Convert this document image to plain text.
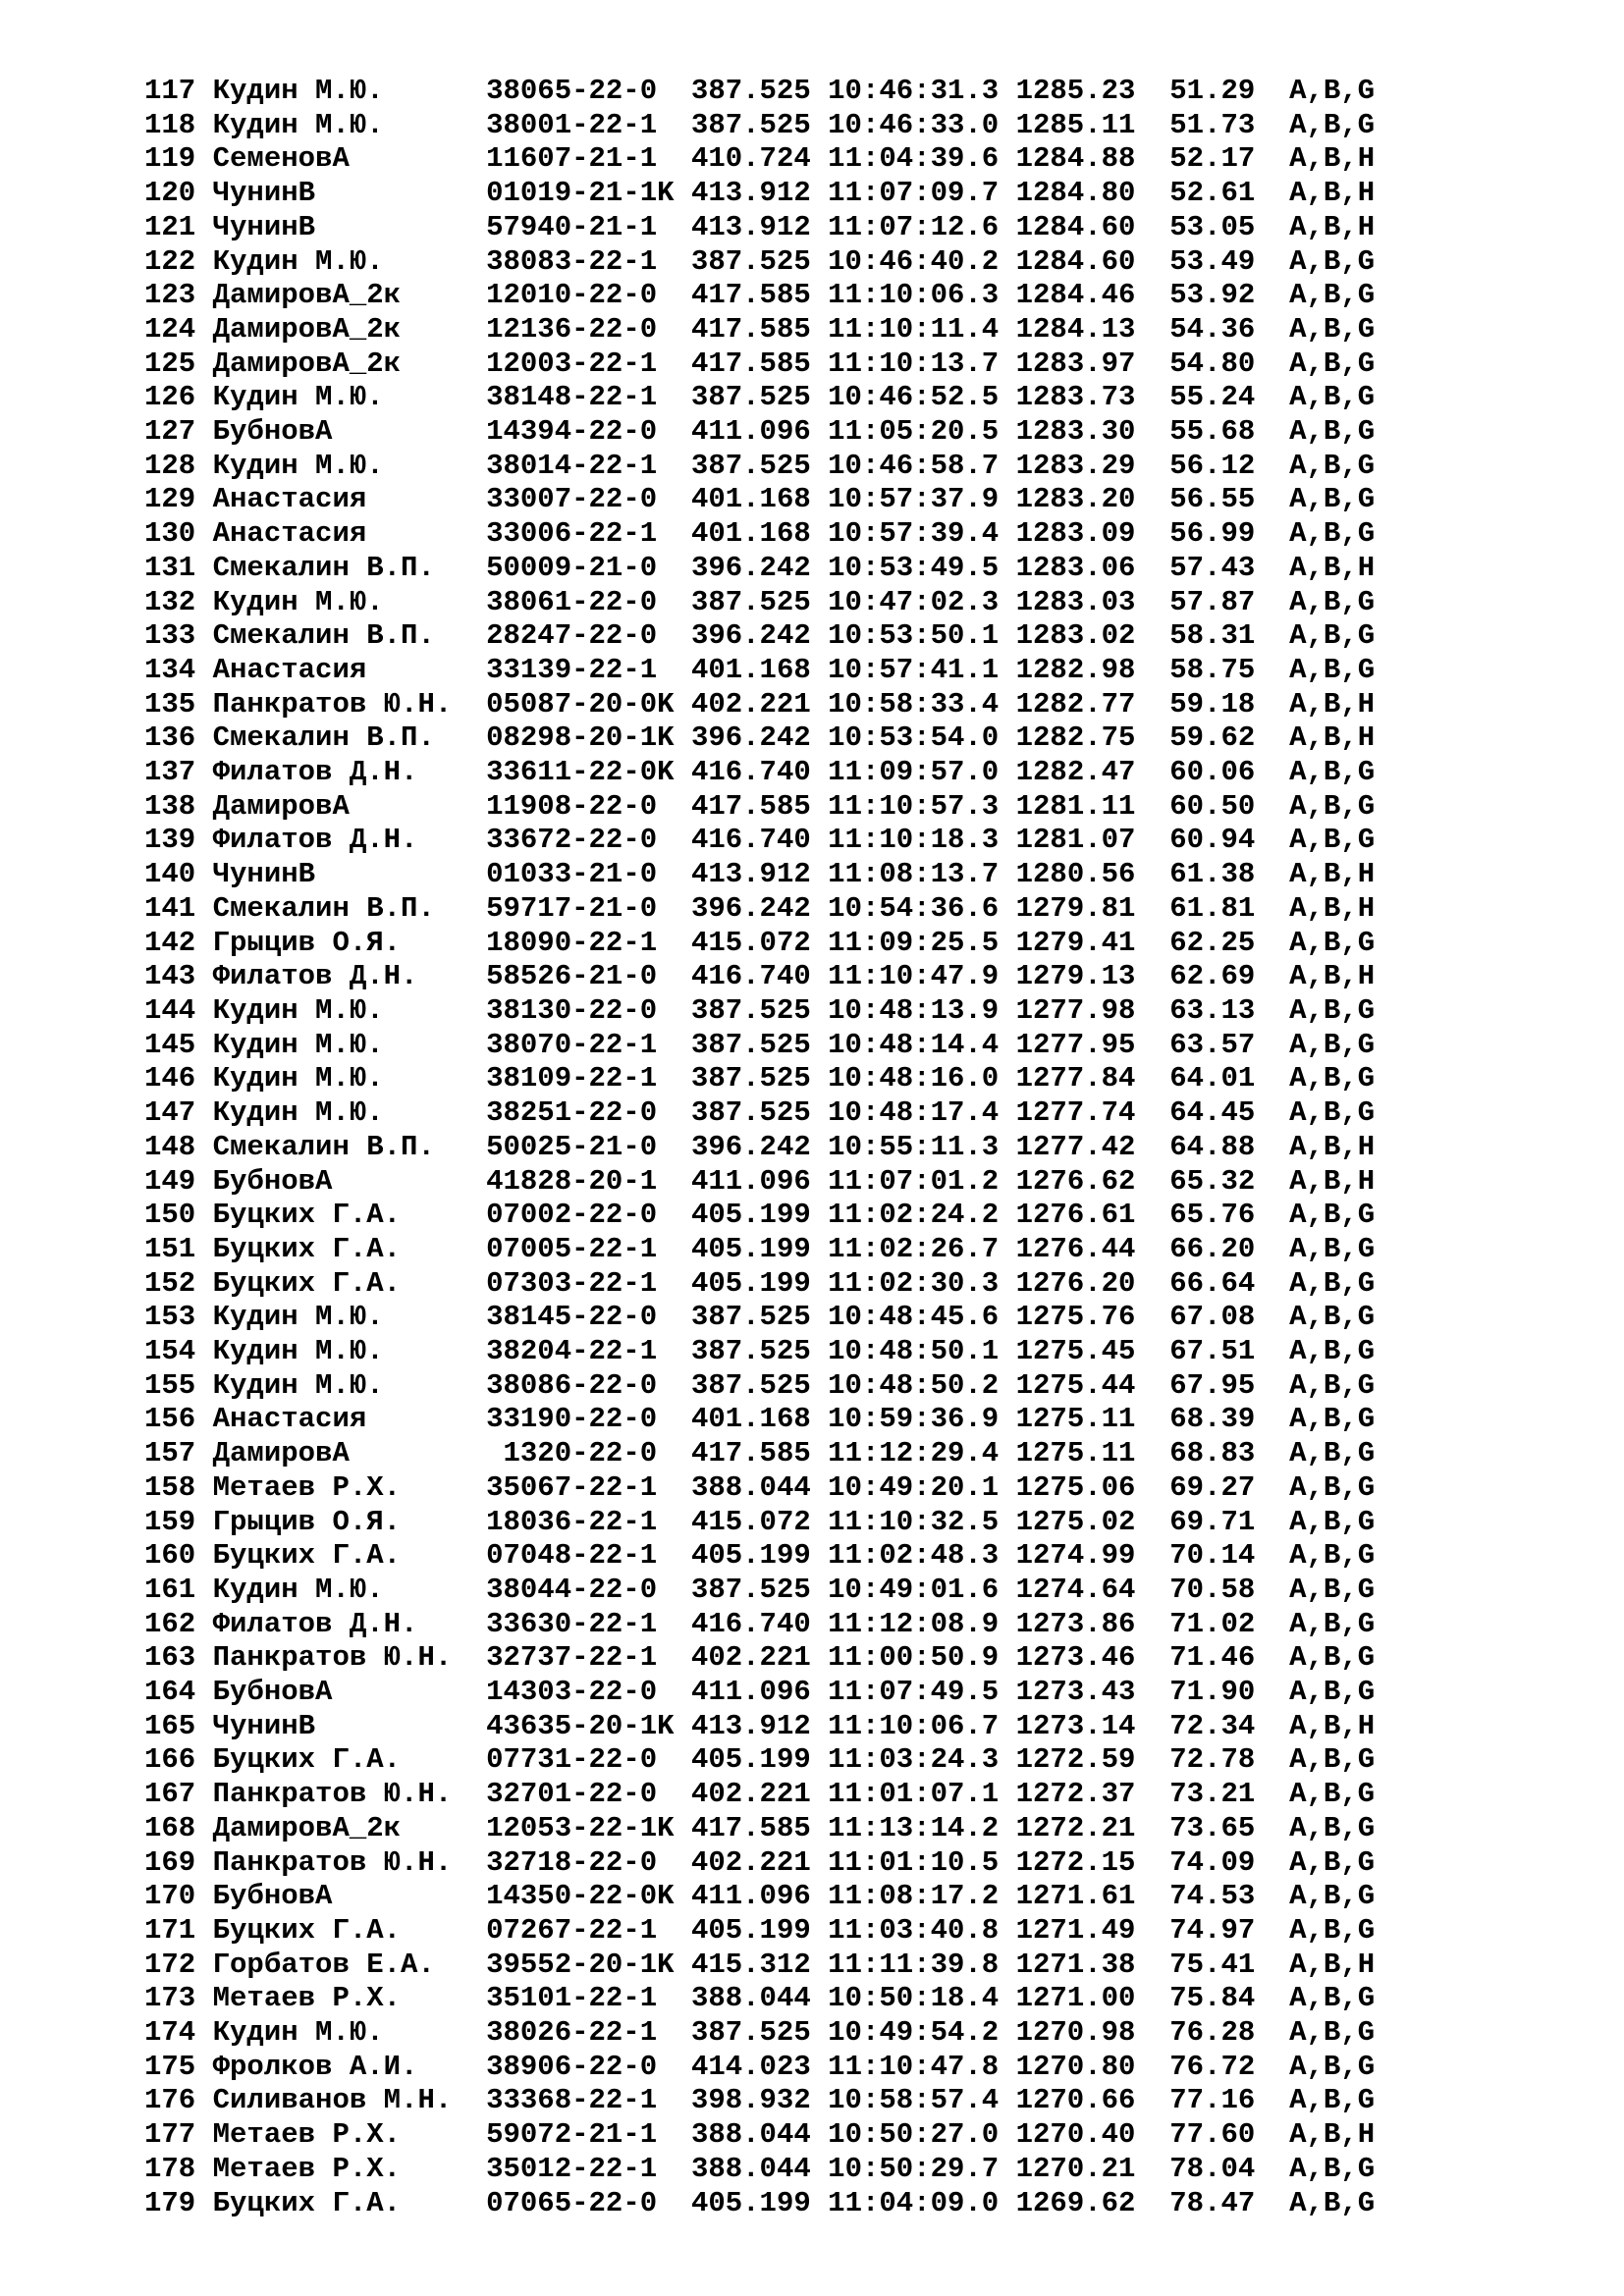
117 Кудин М.Ю.	38065-22-0 387.525 10:46:31.3 1285.23 51.29 A,B,G
118 Кудин М.Ю.	38001-22-1 387.525 10:46:33.0 1285.11 51.73 A,B,G
119 СеменовА	11607-21-1 410.724 11:04:39.6 1284.88 52.17 A,B,H
120 ЧунинВ	01019-21-1K 413.912 11:07:09.7 1284.80 52.61 A,B,H
121 ЧунинВ	57940-21-1 413.912 11:07:12.6 1284.60 53.05 A,B,H
122 Кудин М.Ю.	38083-22-1 387.525 10:46:40.2 1284.60 53.49 A,B,G
123 ДамировА_2к	12010-22-0 417.585 11:10:06.3 1284.46 53.92 A,B,G
124 ДамировА_2к	12136-22-0 417.585 11:10:11.4 1284.13 54.36 A,B,G
125 ДамировА_2к	12003-22-1 417.585 11:10:13.7 1283.97 54.80 A,B,G
126 Кудин М.Ю.	38148-22-1 387.525 10:46:52.5 1283.73 55.24 A,B,G
127 БубновА	14394-22-0 411.096 11:05:20.5 1283.30 55.68 A,B,G
128 Кудин М.Ю.	38014-22-1 387.525 10:46:58.7 1283.29 56.12 A,B,G
129 Анастасия	33007-22-0 401.168 10:57:37.9 1283.20 56.55 A,B,G
130 Анастасия	33006-22-1 401.168 10:57:39.4 1283.09 56.99 A,B,G
131 Смекалин В.П. 50009-21-0 396.242 10:53:49.5 1283.06 57.43 A,B,H
132 Кудин М.Ю.	38061-22-0 387.525 10:47:02.3 1283.03 57.87 A,B,G
133 Смекалин В.П. 28247-22-0 396.242 10:53:50.1 1283.02 58.31 A,B,G
134 Анастасия	33139-22-1 401.168 10:57:41.1 1282.98 58.75 A,B,G
135 Панкратов Ю.Н. 05087-20-0K 402.221 10:58:33.4 1282.77 59.18 A,B,H
136 Смекалин В.П. 08298-20-1K 396.242 10:53:54.0 1282.75 59.62 A,B,H
137 Филатов Д.Н. 33611-22-0K 416.740 11:09:57.0 1282.47 60.06 A,B,G
138 ДамировА	11908-22-0 417.585 11:10:57.3 1281.11 60.50 A,B,G
139 Филатов Д.Н. 33672-22-0 416.740 11:10:18.3 1281.07 60.94 A,B,G
140 ЧунинВ	01033-21-0 413.912 11:08:13.7 1280.56 61.38 A,B,H
141 Смекалин В.П. 59717-21-0 396.242 10:54:36.6 1279.81 61.81 A,B,H
142 Грыцив О.Я.	18090-22-1 415.072 11:09:25.5 1279.41 62.25 A,B,G
143 Филатов Д.Н. 58526-21-0 416.740 11:10:47.9 1279.13 62.69 A,B,H
144 Кудин М.Ю.	38130-22-0 387.525 10:48:13.9 1277.98 63.13 A,B,G
145 Кудин М.Ю.	38070-22-1 387.525 10:48:14.4 1277.95 63.57 A,B,G
146 Кудин М.Ю.	38109-22-1 387.525 10:48:16.0 1277.84 64.01 A,B,G
147 Кудин М.Ю.	38251-22-0 387.525 10:48:17.4 1277.74 64.45 A,B,G
148 Смекалин В.П. 50025-21-0 396.242 10:55:11.3 1277.42 64.88 A,B,H
149 БубновА	41828-20-1 411.096 11:07:01.2 1276.62 65.32 A,B,H
150 Буцких Г.А.	07002-22-0 405.199 11:02:24.2 1276.61 65.76 A,B,G
151 Буцких Г.А.	07005-22-1 405.199 11:02:26.7 1276.44 66.20 A,B,G
152 Буцких Г.А.	07303-22-1 405.199 11:02:30.3 1276.20 66.64 A,B,G
153 Кудин М.Ю.	38145-22-0 387.525 10:48:45.6 1275.76 67.08 A,B,G
154 Кудин М.Ю.	38204-22-1 387.525 10:48:50.1 1275.45 67.51 A,B,G
155 Кудин М.Ю.	38086-22-0 387.525 10:48:50.2 1275.44 67.95 A,B,G
156 Анастасия	33190-22-0 401.168 10:59:36.9 1275.11 68.39 A,B,G
157 ДамировА	1320-22-0 417.585 11:12:29.4 1275.11 68.83 A,B,G
158 Метаев Р.Х.	35067-22-1 388.044 10:49:20.1 1275.06 69.27 A,B,G
159 Грыцив О.Я.	18036-22-1 415.072 11:10:32.5 1275.02 69.71 A,B,G
160 Буцких Г.А.	07048-22-1 405.199 11:02:48.3 1274.99 70.14 A,B,G
161 Кудин М.Ю.	38044-22-0 387.525 10:49:01.6 1274.64 70.58 A,B,G
162 Филатов Д.Н. 33630-22-1 416.740 11:12:08.9 1273.86 71.02 A,B,G
163 Панкратов Ю.Н. 32737-22-1 402.221 11:00:50.9 1273.46 71.46 A,B,G
164 БубновА	14303-22-0 411.096 11:07:49.5 1273.43 71.90 A,B,G
165 ЧунинВ	43635-20-1K 413.912 11:10:06.7 1273.14 72.34 A,B,H
166 Буцких Г.А.	07731-22-0 405.199 11:03:24.3 1272.59 72.78 A,B,G
167 Панкратов Ю.Н. 32701-22-0 402.221 11:01:07.1 1272.37 73.21 A,B,G
168 ДамировА_2к	12053-22-1K 417.585 11:13:14.2 1272.21 73.65 A,B,G
169 Панкратов Ю.Н. 32718-22-0 402.221 11:01:10.5 1272.15 74.09 A,B,G
170 БубновА	14350-22-0K 411.096 11:08:17.2 1271.61 74.53 A,B,G
171 Буцких Г.А.	07267-22-1 405.199 11:03:40.8 1271.49 74.97 A,B,G
172 Горбатов Е.А. 39552-20-1K 415.312 11:11:39.8 1271.38 75.41 A,B,H
173 Метаев Р.Х.	35101-22-1 388.044 10:50:18.4 1271.00 75.84 A,B,G
174 Кудин М.Ю.	38026-22-1 387.525 10:49:54.2 1270.98 76.28 A,B,G
175 Фролков А.И. 38906-22-0 414.023 11:10:47.8 1270.80 76.72 A,B,G
176 Силиванов М.Н. 33368-22-1 398.932 10:58:57.4 1270.66 77.16 A,B,G
177 Метаев Р.Х.	59072-21-1 388.044 10:50:27.0 1270.40 77.60 A,B,H
178 Метаев Р.Х.	35012-22-1 388.044 10:50:29.7 1270.21 78.04 A,B,G
179 Буцких Г.А.	07065-22-0 405.199 11:04:09.0 1269.62 78.47 A,B,G
